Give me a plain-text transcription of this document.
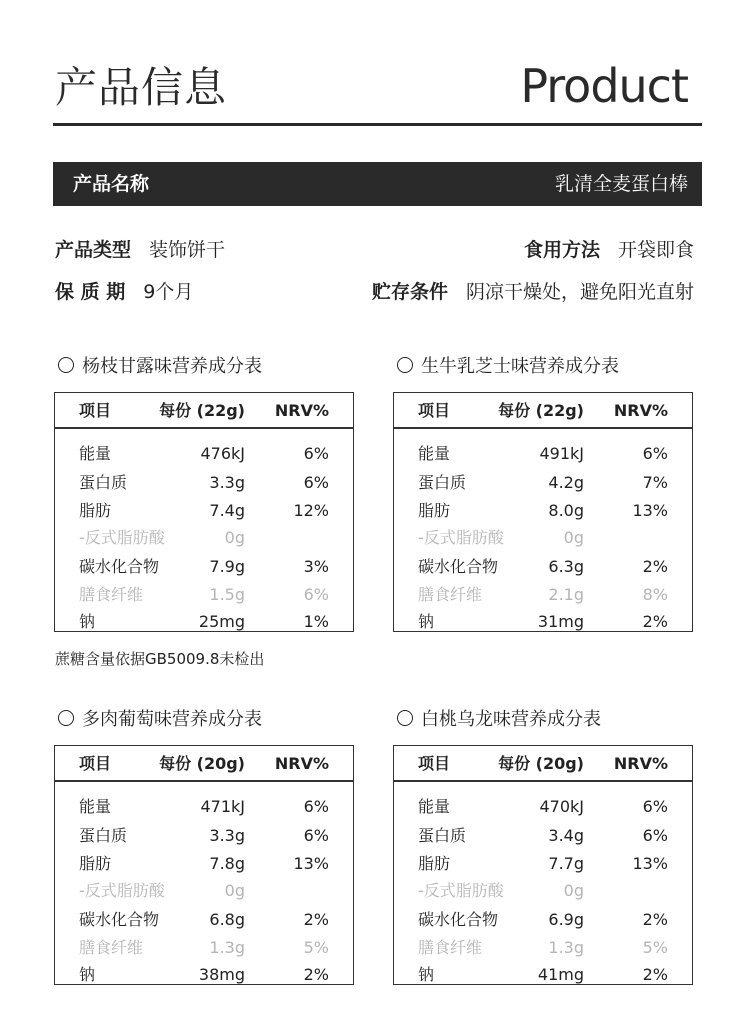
产品信息	Product
产品名称	乳清全麦蛋白棒
产品类型 装饰饼干	食用方法 开袋即食
保 质 期 9个月	贮存条件 阴凉干燥处，避免阳光直射
杨枝甘露味营养成分表
项目	每份 (22g) NRV%
能量	476kJ	6%
蛋白质	3.3g	6%
脂肪	7.4g	12%
-反式脂肪酸	0g
碳水化合物	7.9g	3%
膳食纤维	1.5g	6%
钠	25mg	1%
生牛乳芝士味营养成分表
项目	每份 (22g) NRV%
能量	491kJ	6%
蛋白质	4.2g	7%
脂肪	8.0g	13%
-反式脂肪酸	0g
碳水化合物	6.3g	2%
膳食纤维	2.1g	8%
钠	31mg	2%
多肉葡萄味营养成分表
项目	每份 (20g) NRV%
能量	471kJ	6%
蛋白质	3.3g	6%
脂肪	7.8g	13%
-反式脂肪酸	0g
碳水化合物	6.8g	2%
膳食纤维	1.3g	5%
钠	38mg	2%
白桃乌龙味营养成分表
项目	每份 (20g) NRV%
能量	470kJ	6%
蛋白质	3.4g	6%
脂肪	7.7g	13%
-反式脂肪酸	0g
碳水化合物	6.9g	2%
膳食纤维	1.3g	5%
钠	41mg	2%
蔗糖含量依据GB5009.8未检出
